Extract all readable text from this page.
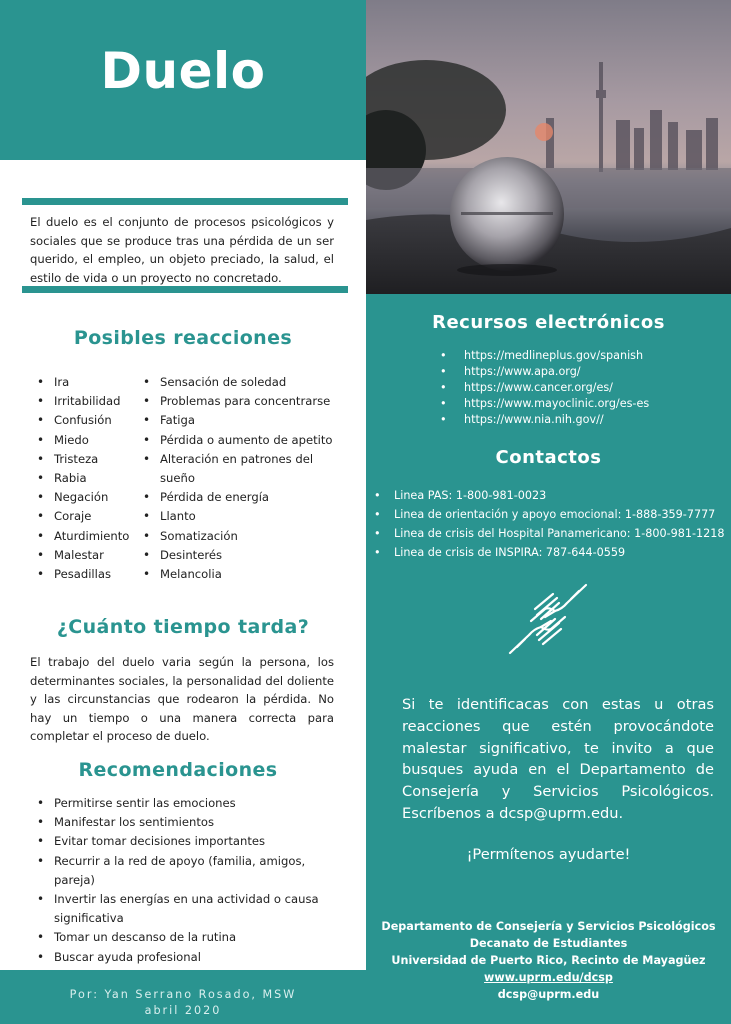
Duelo
El duelo es el conjunto de procesos psicológicos y sociales que se produce tras una pérdida de un ser querido, el empleo, un objeto preciado, la salud, el estilo de vida o un proyecto no concretado.
Posibles reacciones
• Ira
• Irritabilidad
• Confusión
• Miedo
• Tristeza
• Rabia
• Negación
• Coraje
• Aturdimiento
• Malestar
• Pesadillas
• Sensación de soledad
• Problemas para concentrarse
• Fatiga
• Pérdida o aumento de apetito
• Alteración en patrones del sueño
• Pérdida de energía
• Llanto
• Somatización
• Desinterés
• Melancolia
¿Cuánto tiempo tarda?
El trabajo del duelo varia según la persona, los determinantes sociales, la personalidad del doliente y las circunstancias que rodearon la pérdida. No hay un tiempo o una manera correcta para completar el proceso de duelo.
Recomendaciones
• Permitirse sentir las emociones
• Manifestar los sentimientos
• Evitar tomar decisiones importantes
• Recurrir a la red de apoyo (familia, amigos, pareja)
• Invertir las energías en una actividad o causa significativa
• Tomar un descanso de la rutina
• Buscar ayuda profesional
Por: Yan Serrano Rosado, MSW
abril 2020
Recursos electrónicos
• https://medlineplus.gov/spanish
• https://www.apa.org/
• https://www.cancer.org/es/
• https://www.mayoclinic.org/es-es
• https://www.nia.nih.gov//
Contactos
• Linea PAS: 1-800-981-0023
• Linea de orientación y apoyo emocional: 1-888-359-7777
• Linea de crisis del Hospital Panamericano: 1-800-981-1218
• Linea de crisis de INSPIRA: 787-644-0559
Si te identificacas con estas u otras reacciones que estén provocándote malestar significativo, te invito a que busques ayuda en el Departamento de Consejería y Servicios Psicológicos. Escríbenos a dcsp@uprm.edu.
¡Permítenos ayudarte!
Departamento de Consejería y Servicios Psicológicos
Decanato de Estudiantes
Universidad de Puerto Rico, Recinto de Mayagüez
www.uprm.edu/dcsp
dcsp@uprm.edu
